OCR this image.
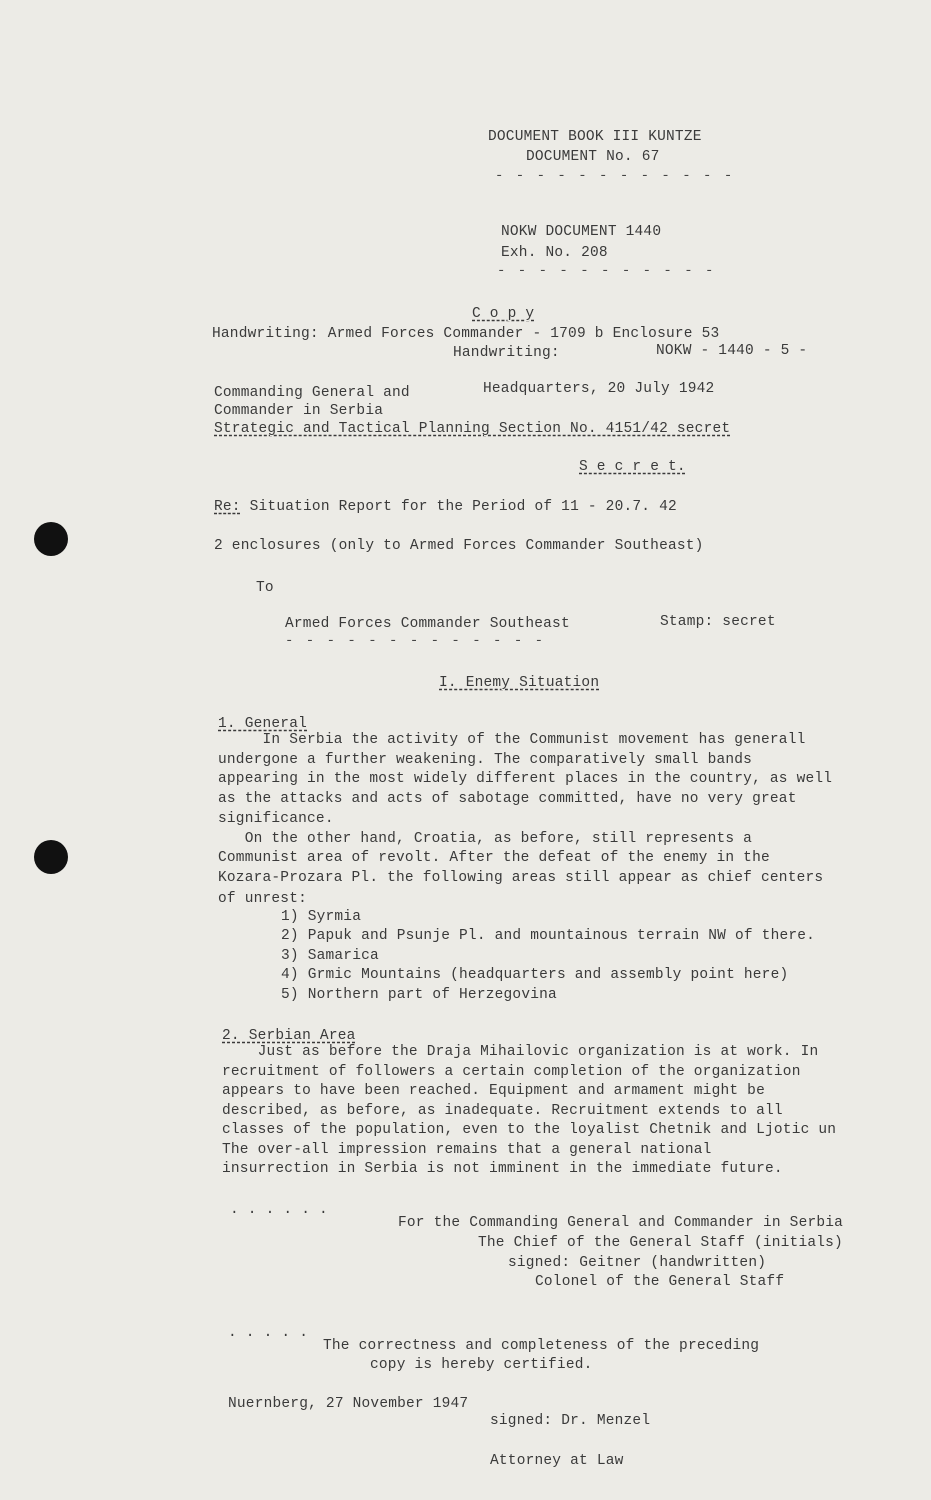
DOCUMENT BOOK III KUNTZE
DOCUMENT No. 67
- - - - - - - - - - - -
NOKW DOCUMENT 1440
Exh. No. 208
- - - - - - - - - - -
C o p y
Handwriting: Armed Forces Commander - 1709 b Enclosure 53
Handwriting:	NOKW - 1440 - 5 -
Commanding General and	Headquarters, 20 July 1942
Commander in Serbia
Strategic and Tactical Planning Section No. 4151/42 secret
S e c r e t.
Re: Situation Report for the Period of 11 - 20.7. 42
2 enclosures (only to Armed Forces Commander Southeast)
To
Armed Forces Commander Southeast	Stamp: secret
- - - - - - - - - - - - -
I. Enemy Situation
1. General
In Serbia the activity of the Communist movement has generall
undergone a further weakening. The comparatively small bands
appearing in the most widely different places in the country, as well
as the attacks and acts of sabotage committed, have no very great
significance.
On the other hand, Croatia, as before, still represents a
Communist area of revolt. After the defeat of the enemy in the
Kozara-Prozara Pl. the following areas still appear as chief centers
of unrest:
1) Syrmia
2) Papuk and Psunje Pl. and mountainous terrain NW of there.
3) Samarica
4) Grmic Mountains (headquarters and assembly point here)
5) Northern part of Herzegovina
2. Serbian Area
Just as before the Draja Mihailovic organization is at work. In
recruitment of followers a certain completion of the organization
appears to have been reached. Equipment and armament might be
described, as before, as inadequate. Recruitment extends to all
classes of the population, even to the loyalist Chetnik and Ljotic un
The over-all impression remains that a general national
insurrection in Serbia is not imminent in the immediate future.
. . . . . .
For the Commanding General and Commander in Serbia
The Chief of the General Staff (initials)
signed: Geitner (handwritten)
Colonel of the General Staff
. . . . .
The correctness and completeness of the preceding
copy is hereby certified.
Nuernberg, 27 November 1947
signed: Dr. Menzel
Attorney at Law
